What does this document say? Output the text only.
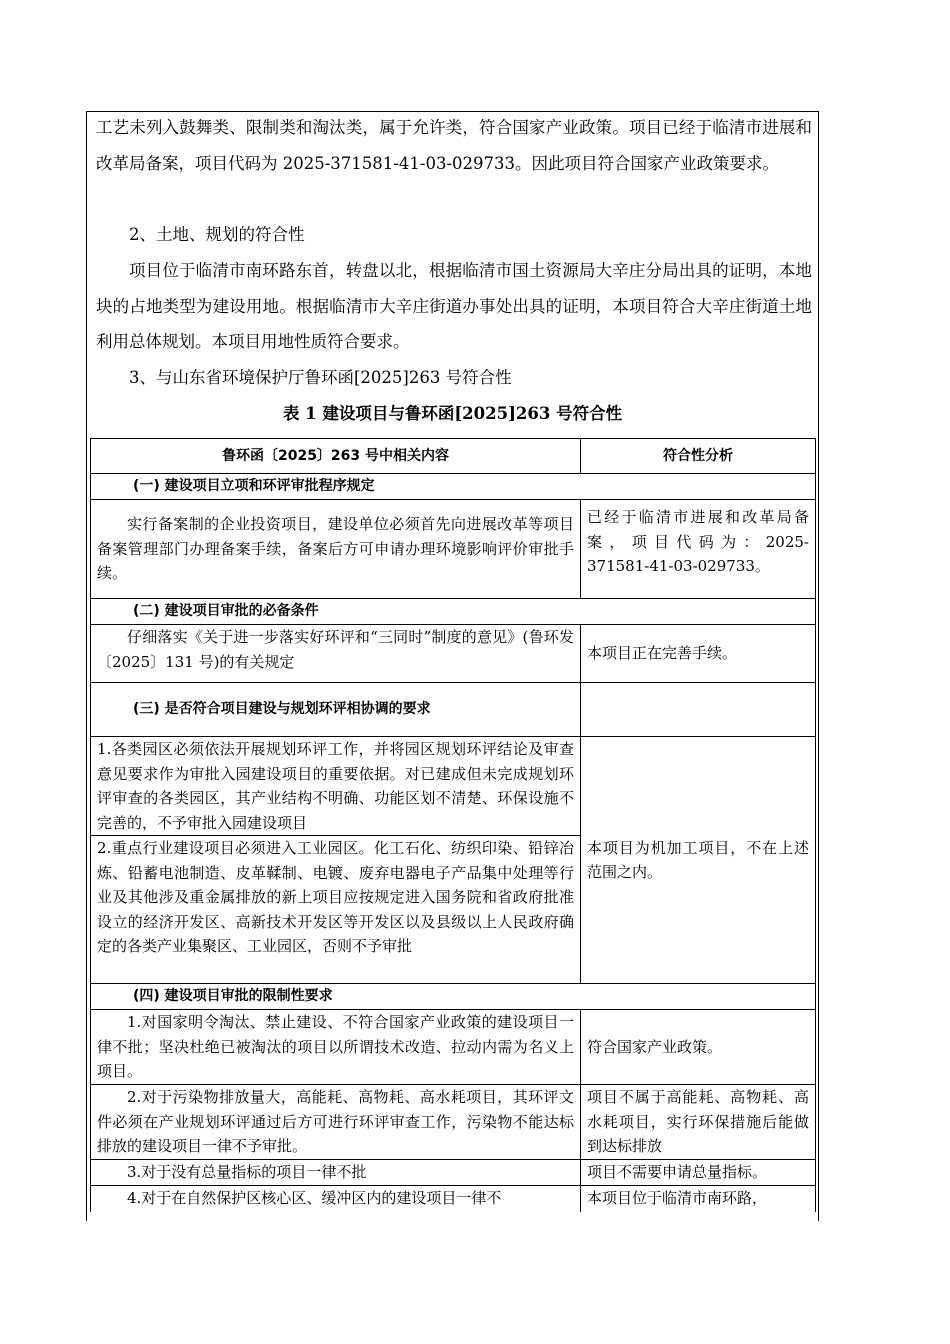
工艺未列入鼓舞类、限制类和淘汰类，属于允许类，符合国家产业政策。项目已经于临清市进展和改革局备案，项目代码为 2025-371581-41-03-029733。因此项目符合国家产业政策要求。
2、土地、规划的符合性
项目位于临清市南环路东首，转盘以北，根据临清市国土资源局大辛庄分局出具的证明，本地块的占地类型为建设用地。根据临清市大辛庄街道办事处出具的证明，本项目符合大辛庄街道土地利用总体规划。本项目用地性质符合要求。
3、与山东省环境保护厅鲁环函[2025]263 号符合性
表 1 建设项目与鲁环函[2025]263 号符合性
鲁环函〔2025〕263 号中相关内容	符合性分析
(一) 建设项目立项和环评审批程序规定	

实行备案制的企业投资项目，建设单位必须首先向进展改革等项目备案管理部门办理备案手续，备案后方可申请办理环境影响评价审批手续。	已经于临清市进展和改革局备案，项目代码为：2025-371581-41-03-029733。

(二) 建设项目审批的必备条件	
仔细落实《关于进一步落实好环评和“三同时”制度的意见》(鲁环发〔2025〕131 号)的有关规定	本项目正在完善手续。
(三) 是否符合项目建设与规划环评相协调的要求	
1.各类园区必须依法开展规划环评工作，并将园区规划环评结论及审查意见要求作为审批入园建设项目的重要依据。对已建成但未完成规划环评审查的各类园区，其产业结构不明确、功能区划不清楚、环保设施不完善的，不予审批入园建设项目	本项目为机加工项目，不在上述范围之内。
2.重点行业建设项目必须进入工业园区。化工石化、纺织印染、铅锌冶炼、铅蓄电池制造、皮革鞣制、电镀、废弃电器电子产品集中处理等行业及其他涉及重金属排放的新上项目应按规定进入国务院和省政府批准设立的经济开发区、高新技术开发区等开发区以及县级以上人民政府确定的各类产业集聚区、工业园区，否则不予审批	
(四) 建设项目审批的限制性要求	
1.对国家明令淘汰、禁止建设、不符合国家产业政策的建设项目一律不批；坚决杜绝已被淘汰的项目以所谓技术改造、拉动内需为名义上项目。	符合国家产业政策。
2.对于污染物排放量大，高能耗、高物耗、高水耗项目，其环评文件必须在产业规划环评通过后方可进行环评审查工作，污染物不能达标排放的建设项目一律不予审批。	项目不属于高能耗、高物耗、高水耗项目，实行环保措施后能做到达标排放
3.对于没有总量指标的项目一律不批	项目不需要申请总量指标。
4.对于在自然保护区核心区、缓冲区内的建设项目一律不	本项目位于临清市南环路，
